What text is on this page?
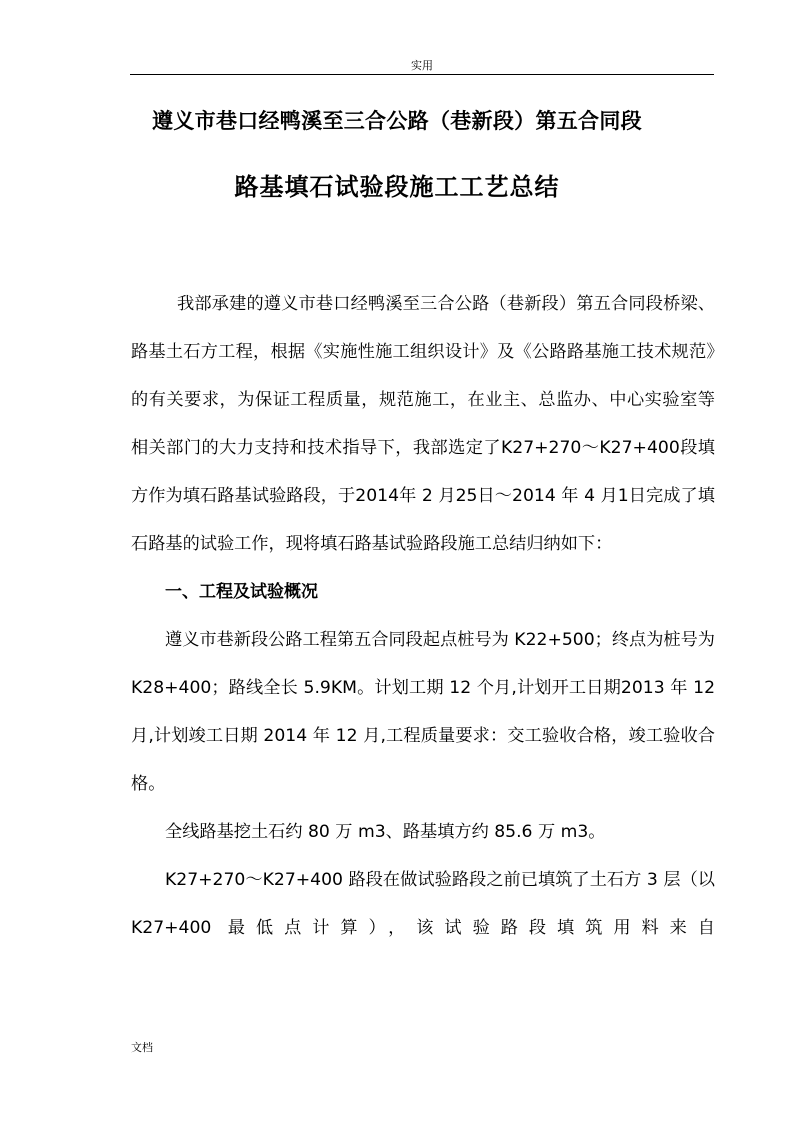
实用
遵义市巷口经鸭溪至三合公路（巷新段）第五合同段
路基填石试验段施工工艺总结

我部承建的遵义市巷口经鸭溪至三合公路（巷新段）第五合同段桥梁、路基土石方工程，根据《实施性施工组织设计》及《公路路基施工技术规范》的有关要求，为保证工程质量，规范施工，在业主、总监办、中心实验室等相关部门的大力支持和技术指导下，我部选定了K27+270～K27+400段填方作为填石路基试验路段，于2014年 2 月25日～2014 年 4 月1日完成了填石路基的试验工作，现将填石路基试验路段施工总结归纳如下：

一、工程及试验概况

遵义市巷新段公路工程第五合同段起点桩号为 K22+500；终点为桩号为 K28+400；路线全长 5.9KM。计划工期 12 个月,计划开工日期2013 年 12 月,计划竣工日期 2014 年 12 月,工程质量要求：交工验收合格，竣工验收合格。

全线路基挖土石约 80 万 m3、路基填方约 85.6 万 m3。

K27+270～K27+400 路段在做试验路段之前已填筑了土石方 3 层（以 K27+400 最低点计算），该试验路段填筑用料来自

文档
